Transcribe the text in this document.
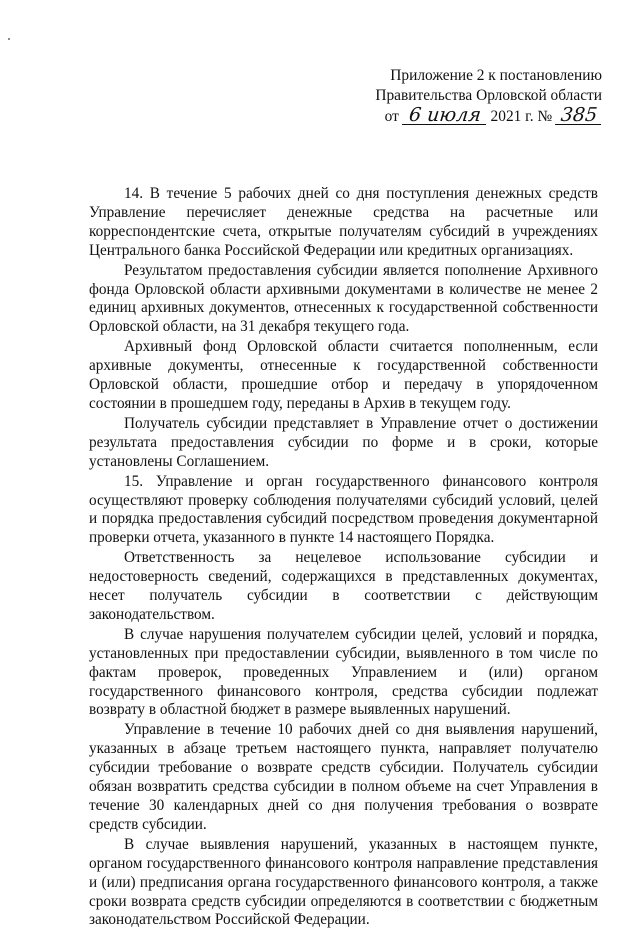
Приложение 2 к постановлению
Правительства Орловской области
от 6 июля 2021 г. № 385

14. В течение 5 рабочих дней со дня поступления денежных средств Управление перечисляет денежные средства на расчетные или корреспондентские счета, открытые получателям субсидий в учреждениях Центрального банка Российской Федерации или кредитных организациях.

Результатом предоставления субсидии является пополнение Архивного фонда Орловской области архивными документами в количестве не менее 2 единиц архивных документов, отнесенных к государственной собственности Орловской области, на 31 декабря текущего года.

Архивный фонд Орловской области считается пополненным, если архивные документы, отнесенные к государственной собственности Орловской области, прошедшие отбор и передачу в упорядоченном состоянии в прошедшем году, переданы в Архив в текущем году.

Получатель субсидии представляет в Управление отчет о достижении результата предоставления субсидии по форме и в сроки, которые установлены Соглашением.

15. Управление и орган государственного финансового контроля осуществляют проверку соблюдения получателями субсидий условий, целей и порядка предоставления субсидий посредством проведения документарной проверки отчета, указанного в пункте 14 настоящего Порядка.

Ответственность за нецелевое использование субсидии и недостоверность сведений, содержащихся в представленных документах, несет получатель субсидии в соответствии с действующим законодательством.

В случае нарушения получателем субсидии целей, условий и порядка, установленных при предоставлении субсидии, выявленного в том числе по фактам проверок, проведенных Управлением и (или) органом государственного финансового контроля, средства субсидии подлежат возврату в областной бюджет в размере выявленных нарушений.

Управление в течение 10 рабочих дней со дня выявления нарушений, указанных в абзаце третьем настоящего пункта, направляет получателю субсидии требование о возврате средств субсидии. Получатель субсидии обязан возвратить средства субсидии в полном объеме на счет Управления в течение 30 календарных дней со дня получения требования о возврате средств субсидии.

В случае выявления нарушений, указанных в настоящем пункте, органом государственного финансового контроля направление представления и (или) предписания органа государственного финансового контроля, а также сроки возврата средств субсидии определяются в соответствии с бюджетным законодательством Российской Федерации.
